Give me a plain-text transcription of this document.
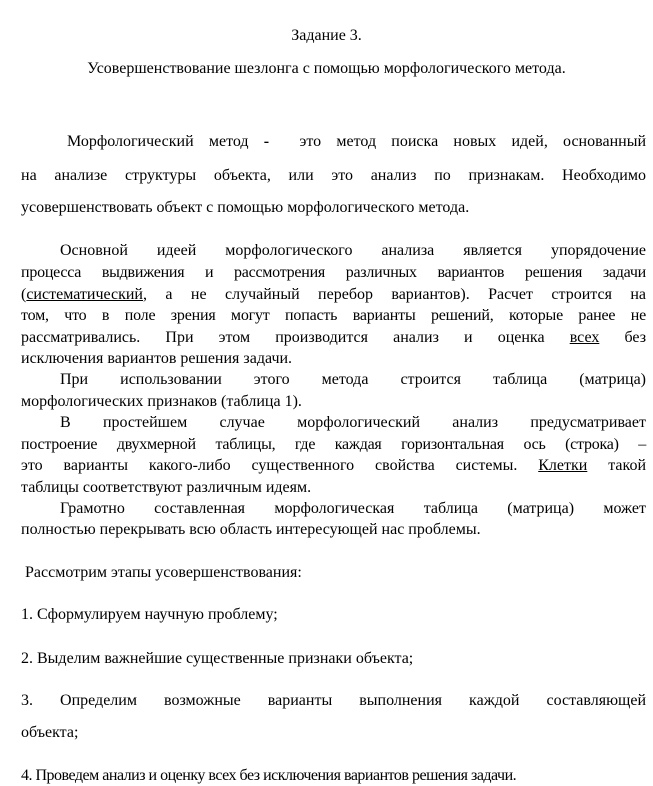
Задание 3.
Усовершенствование шезлонга с помощью морфологического метода.
Морфологический метод - это метод поиска новых идей, основанный
на анализе структуры объекта, или это анализ по признакам. Необходимо
усовершенствовать объект с помощью морфологического метода.
Основной идеей морфологического анализа является упорядочение
процесса выдвижения и рассмотрения различных вариантов решения задачи
(систематический, а не случайный перебор вариантов). Расчет строится на
том, что в поле зрения могут попасть варианты решений, которые ранее не
рассматривались. При этом производится анализ и оценка всех без
исключения вариантов решения задачи.
При использовании этого метода строится таблица (матрица)
морфологических признаков (таблица 1).
В простейшем случае морфологический анализ предусматривает
построение двухмерной таблицы, где каждая горизонтальная ось (строка) –
это варианты какого-либо существенного свойства системы. Клетки такой
таблицы соответствуют различным идеям.
Грамотно составленная морфологическая таблица (матрица) может
полностью перекрывать всю область интересующей нас проблемы.
Рассмотрим этапы усовершенствования:
1. Сформулируем научную проблему;
2. Выделим важнейшие существенные признаки объекта;
3. Определим возможные варианты выполнения каждой составляющей
объекта;
4. Проведем анализ и оценку всех без исключения вариантов решения задачи.
